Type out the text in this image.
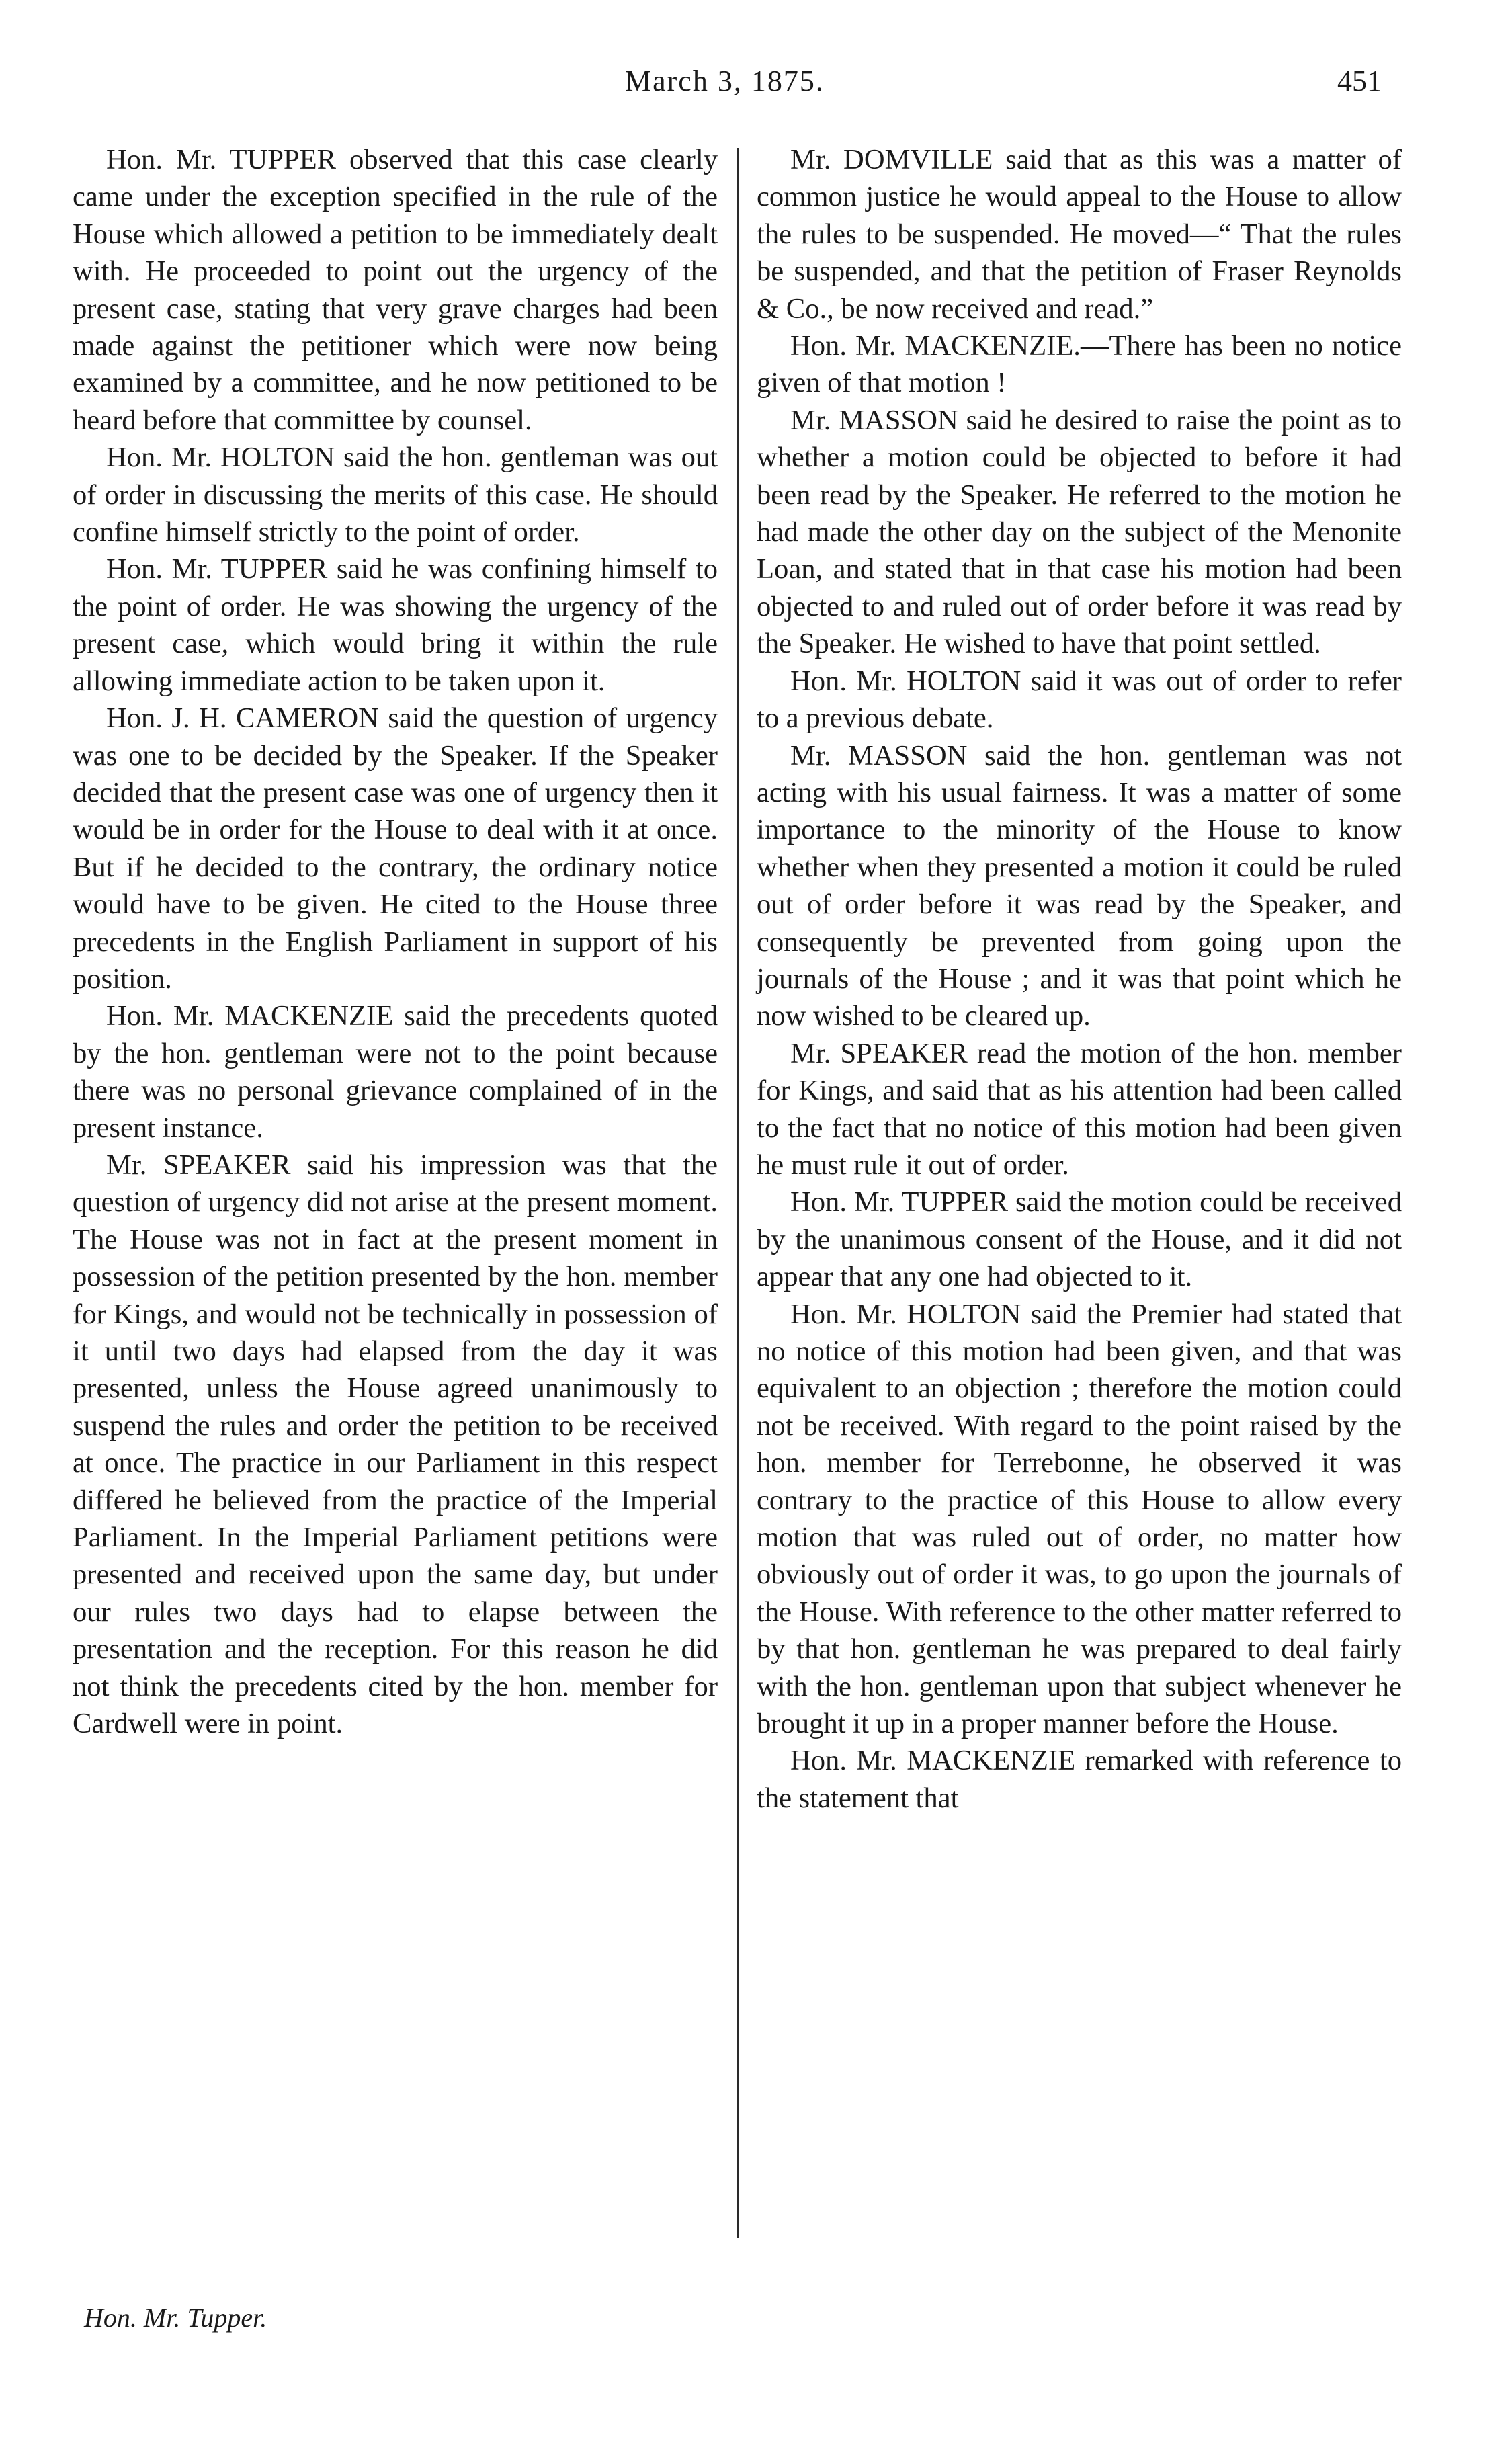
March 3, 1875.	451

Hon. Mr. TUPPER observed that this case clearly came under the exception specified in the rule of the House which allowed a petition to be immediately dealt with. He proceeded to point out the urgency of the present case, stating that very grave charges had been made against the petitioner which were now being examined by a committee, and he now petitioned to be heard before that committee by counsel.

Hon. Mr. HOLTON said the hon. gentleman was out of order in discussing the merits of this case. He should confine himself strictly to the point of order.

Hon. Mr. TUPPER said he was confining himself to the point of order. He was showing the urgency of the present case, which would bring it within the rule allowing immediate action to be taken upon it.

Hon. J. H. CAMERON said the question of urgency was one to be decided by the Speaker. If the Speaker decided that the present case was one of urgency then it would be in order for the House to deal with it at once. But if he decided to the contrary, the ordinary notice would have to be given. He cited to the House three precedents in the English Parliament in support of his position.

Hon. Mr. MACKENZIE said the precedents quoted by the hon. gentleman were not to the point because there was no personal grievance complained of in the present instance.

Mr. SPEAKER said his impression was that the question of urgency did not arise at the present moment. The House was not in fact at the present moment in possession of the petition presented by the hon. member for Kings, and would not be technically in possession of it until two days had elapsed from the day it was presented, unless the House agreed unanimously to suspend the rules and order the petition to be received at once. The practice in our Parliament in this respect differed he believed from the practice of the Imperial Parliament. In the Imperial Parliament petitions were presented and received upon the same day, but under our rules two days had to elapse between the presentation and the reception. For this reason he did not think the precedents cited by the hon. member for Cardwell were in point.

Mr. DOMVILLE said that as this was a matter of common justice he would appeal to the House to allow the rules to be suspended. He moved—“ That the rules be suspended, and that the petition of Fraser Reynolds & Co., be now received and read.”

Hon. Mr. MACKENZIE.—There has been no notice given of that motion !

Mr. MASSON said he desired to raise the point as to whether a motion could be objected to before it had been read by the Speaker. He referred to the motion he had made the other day on the subject of the Menonite Loan, and stated that in that case his motion had been objected to and ruled out of order before it was read by the Speaker. He wished to have that point settled.

Hon. Mr. HOLTON said it was out of order to refer to a previous debate.

Mr. MASSON said the hon. gentleman was not acting with his usual fairness. It was a matter of some importance to the minority of the House to know whether when they presented a motion it could be ruled out of order before it was read by the Speaker, and consequently be prevented from going upon the journals of the House ; and it was that point which he now wished to be cleared up.

Mr. SPEAKER read the motion of the hon. member for Kings, and said that as his attention had been called to the fact that no notice of this motion had been given he must rule it out of order.

Hon. Mr. TUPPER said the motion could be received by the unanimous consent of the House, and it did not appear that any one had objected to it.

Hon. Mr. HOLTON said the Premier had stated that no notice of this motion had been given, and that was equivalent to an objection ; therefore the motion could not be received. With regard to the point raised by the hon. member for Terrebonne, he observed it was contrary to the practice of this House to allow every motion that was ruled out of order, no matter how obviously out of order it was, to go upon the journals of the House. With reference to the other matter referred to by that hon. gentleman he was prepared to deal fairly with the hon. gentleman upon that subject whenever he brought it up in a proper manner before the House.

Hon. Mr. MACKENZIE remarked with reference to the statement that

Hon. Mr. Tupper.
